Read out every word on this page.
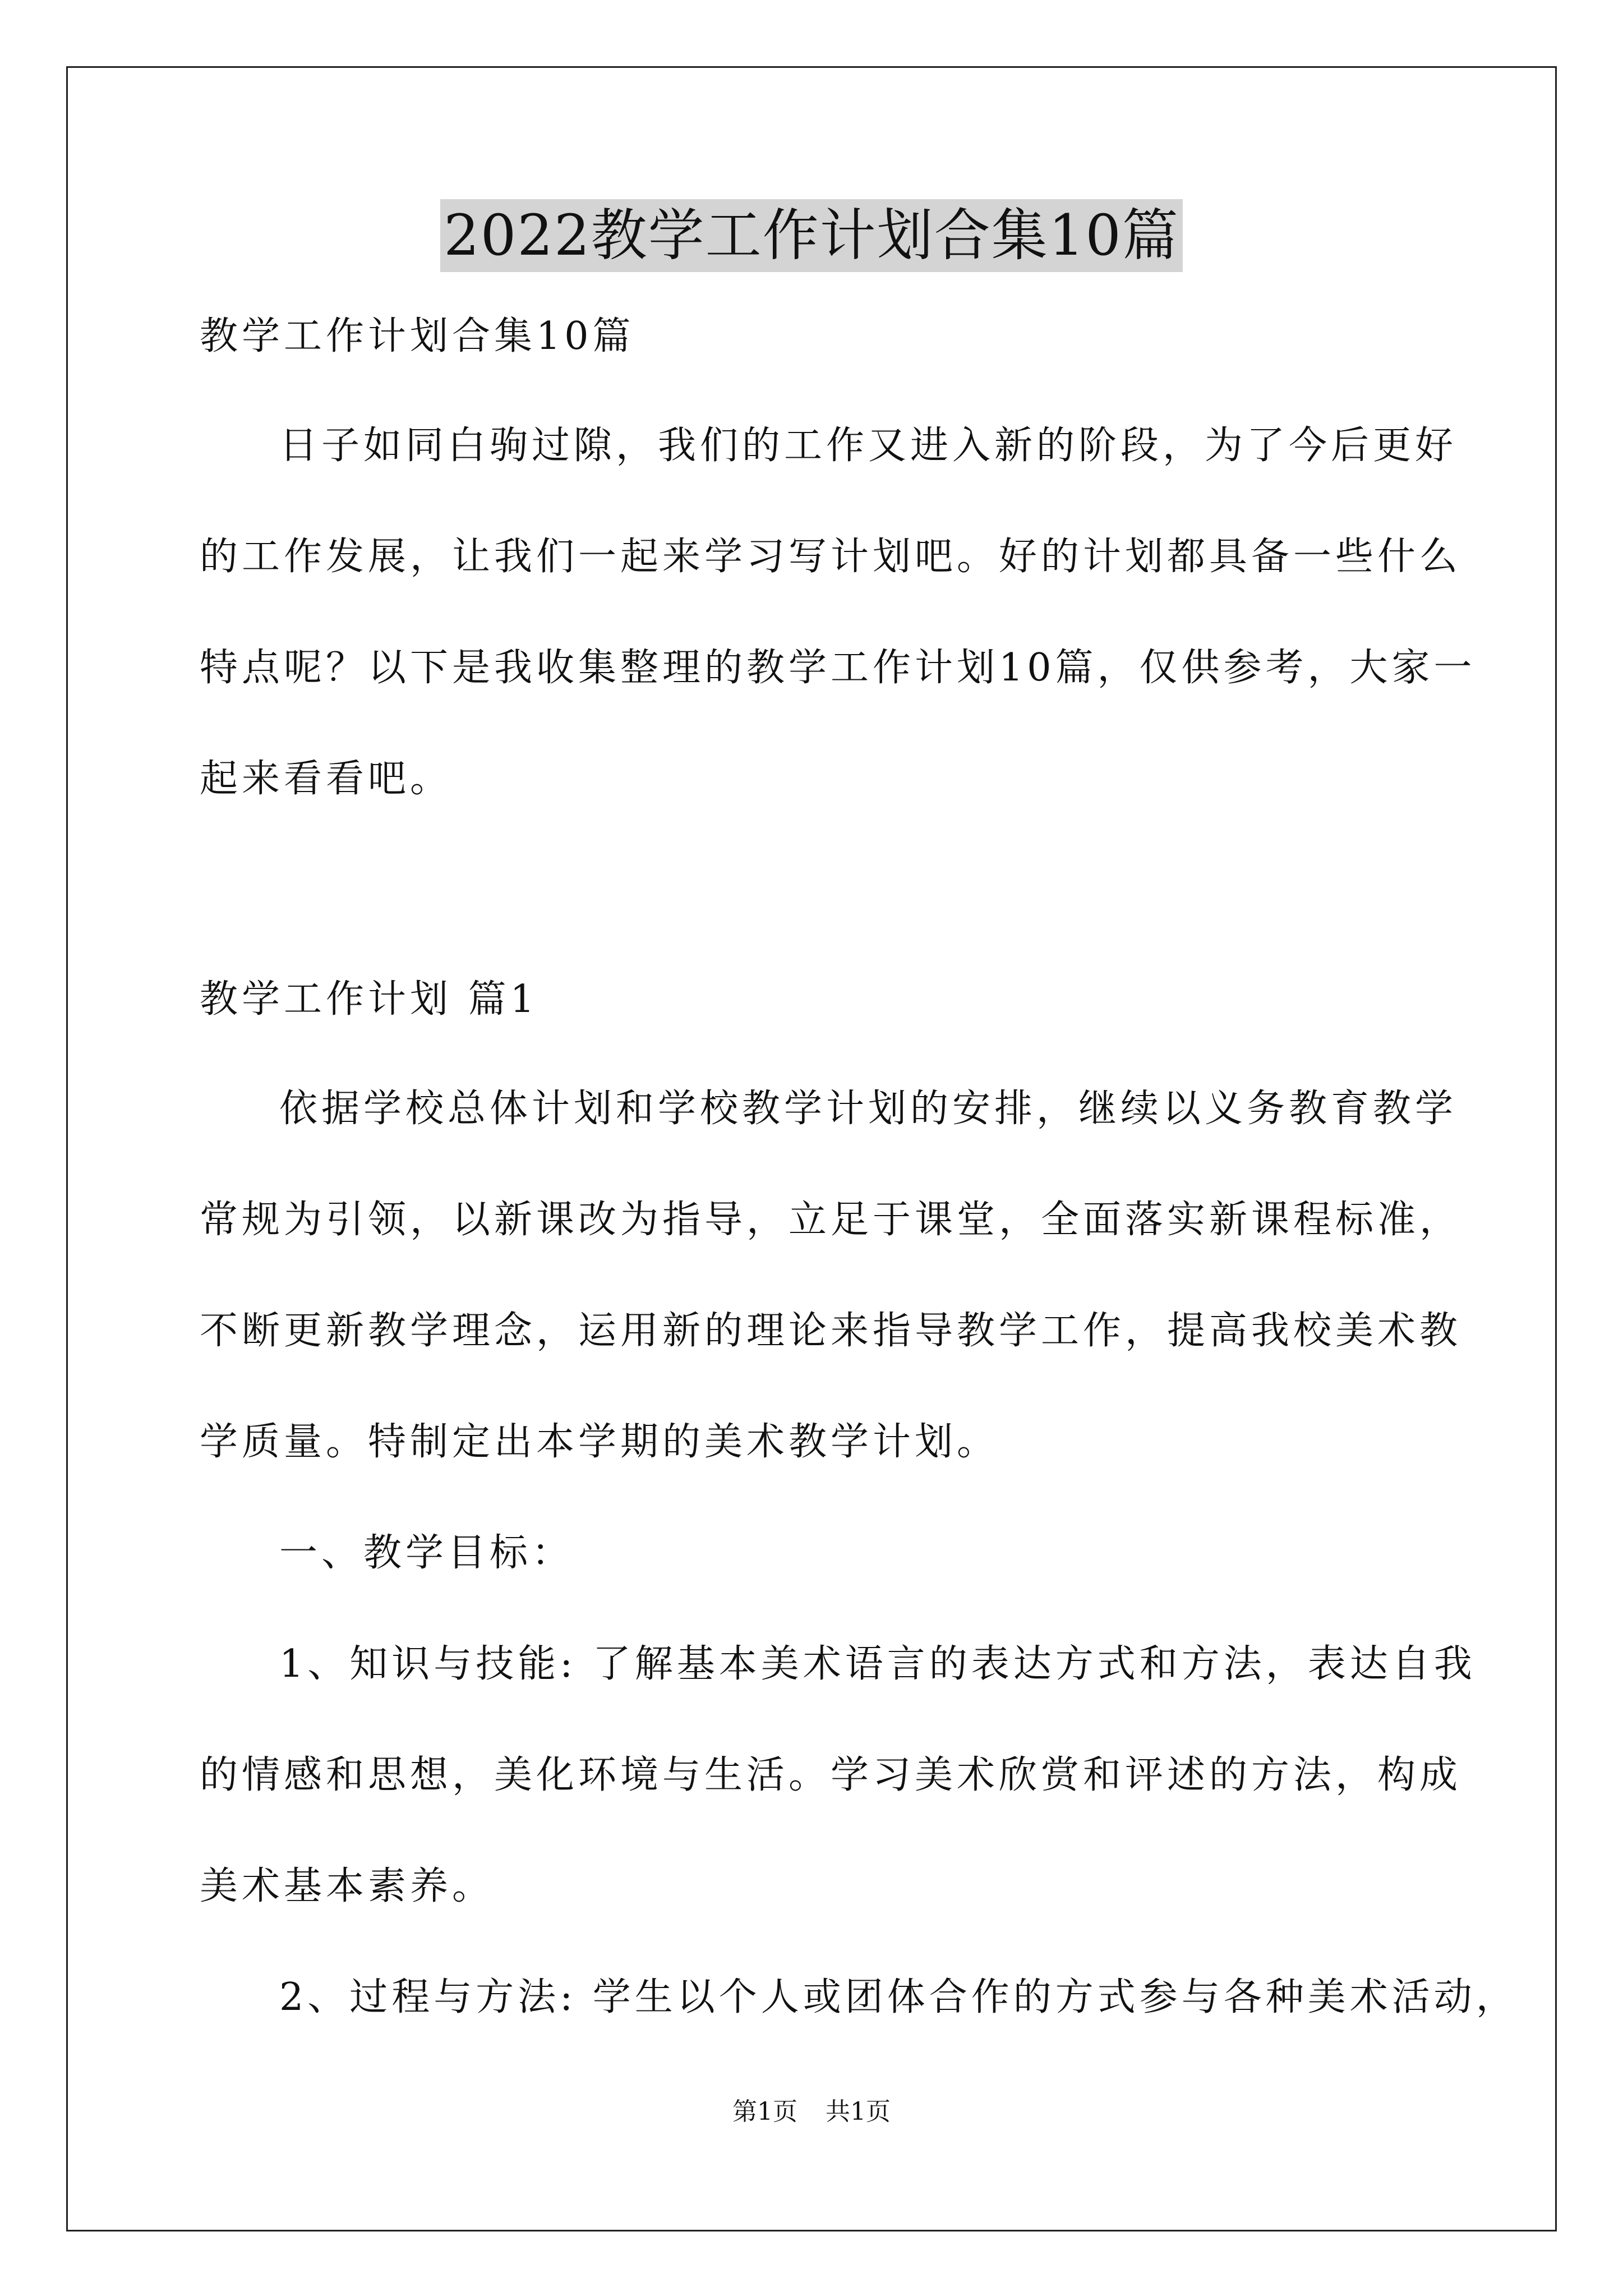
2022教学工作计划合集10篇
教学工作计划合集10篇
日子如同白驹过隙，我们的工作又进入新的阶段，为了今后更好
的工作发展，让我们一起来学习写计划吧。好的计划都具备一些什么
特点呢？以下是我收集整理的教学工作计划10篇，仅供参考，大家一
起来看看吧。
教学工作计划 篇1
依据学校总体计划和学校教学计划的安排，继续以义务教育教学
常规为引领，以新课改为指导，立足于课堂，全面落实新课程标准，
不断更新教学理念，运用新的理论来指导教学工作，提高我校美术教
学质量。特制定出本学期的美术教学计划。
一、教学目标：
1、知识与技能: 了解基本美术语言的表达方式和方法，表达自我
的情感和思想，美化环境与生活。学习美术欣赏和评述的方法，构成
美术基本素养。
2、过程与方法: 学生以个人或团体合作的方式参与各种美术活动，
第1页 共1页
